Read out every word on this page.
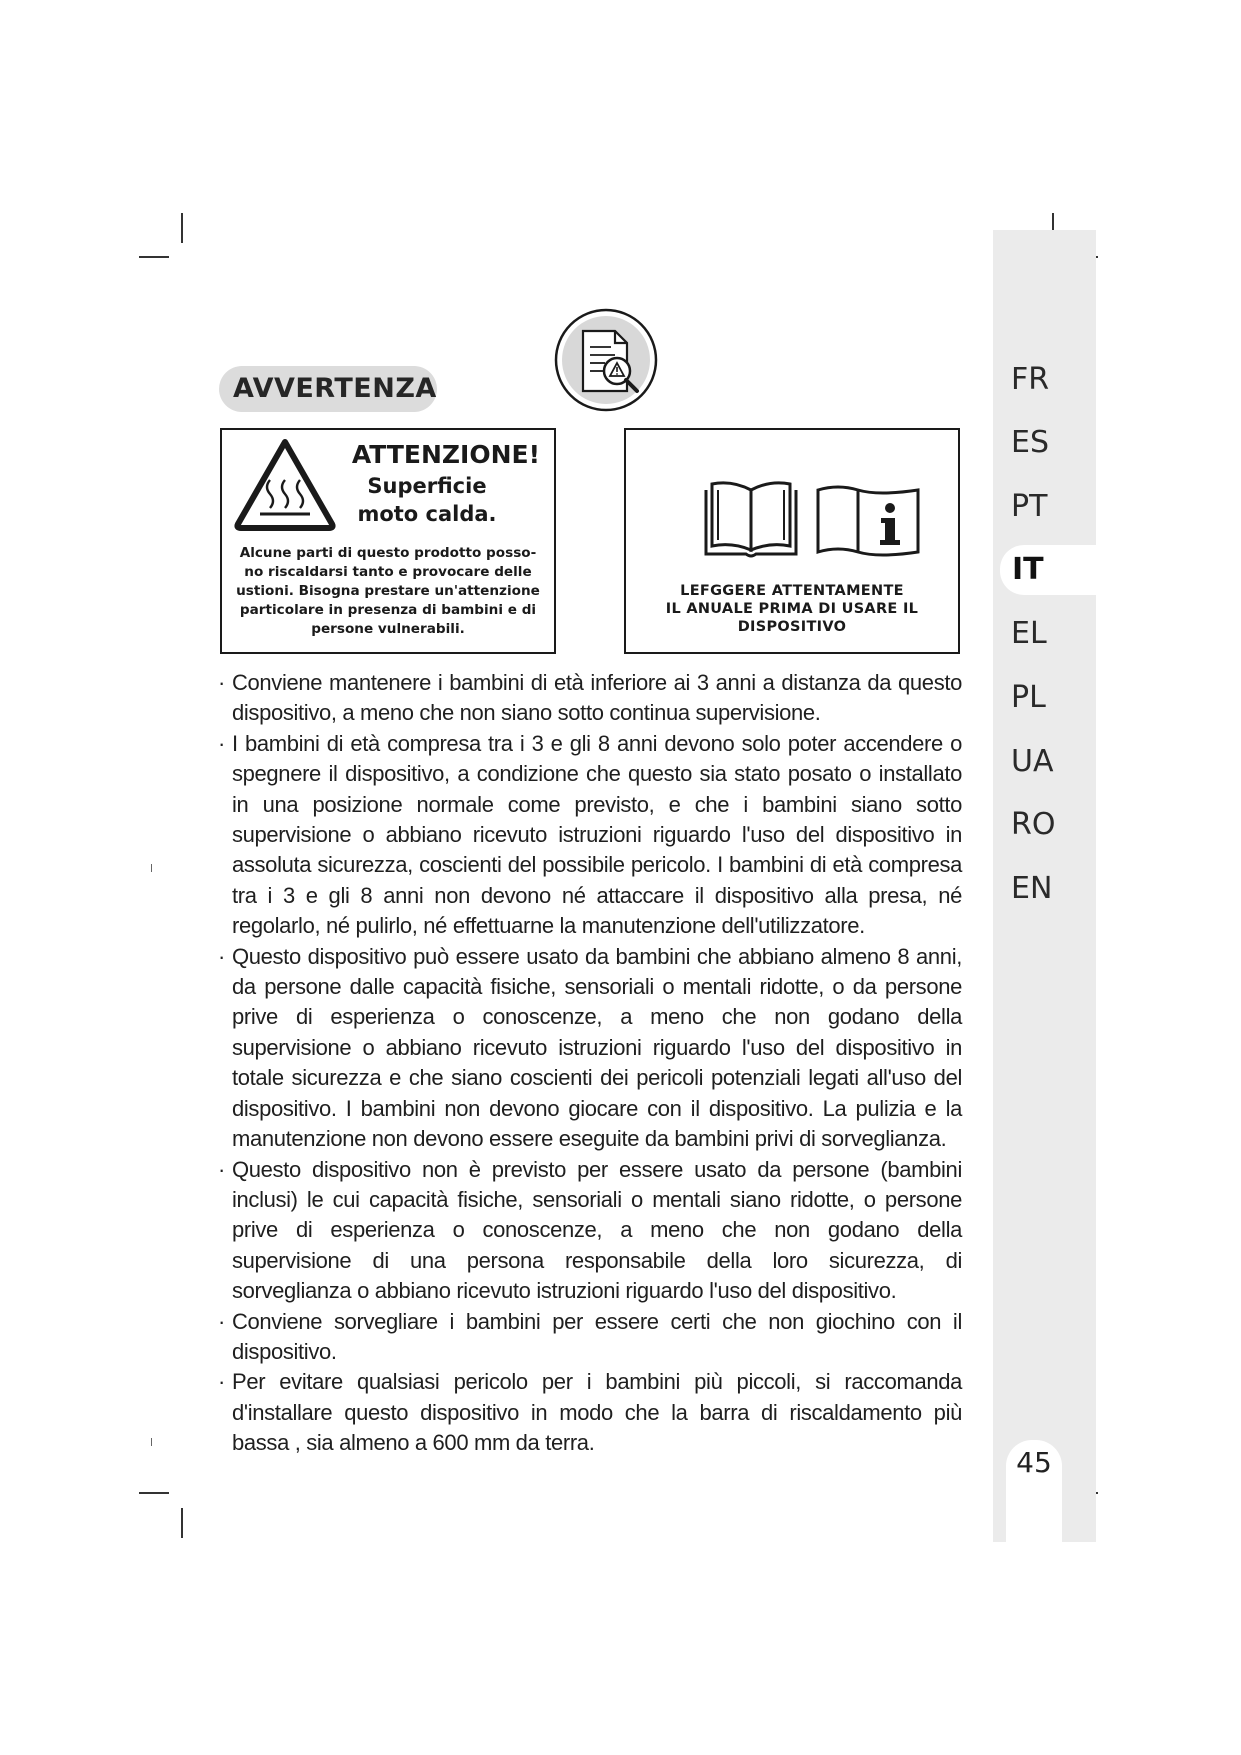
FR
ES
PT
IT
EL
PL
UA
RO
EN
45
AVVERTENZA
ATTENZIONE!
Superficie
moto calda.
Alcune parti di questo prodotto posso-
no riscaldarsi tanto e provocare delle
ustioni. Bisogna prestare un'attenzione
particolare in presenza di bambini e di
persone vulnerabili.
LEFGGERE ATTENTAMENTE
IL ANUALE PRIMA DI USARE IL
DISPOSITIVO
· Conviene mantenere i bambini di età inferiore ai 3 anni a distanza da questo dispositivo, a meno che non siano sotto continua supervisione.
· I bambini di età compresa tra i 3 e gli 8 anni devono solo poter accendere o spegnere il dispositivo, a condizione che questo sia stato posato o installato in una posizione normale come previsto, e che i bambini siano sotto supervisione o abbiano ricevuto istruzioni riguardo l'uso del dispositivo in assoluta sicurezza, coscienti del possibile pericolo. I bambini di età compresa tra i 3 e gli 8 anni non devono né attaccare il dispositivo alla presa, né regolarlo, né pulirlo, né effettuarne la manutenzione dell'utilizzatore.
· Questo dispositivo può essere usato da bambini che abbiano almeno 8 anni, da persone dalle capacità fisiche, sensoriali o mentali ridotte, o da persone prive di esperienza o conoscenze, a meno che non godano della supervisione o abbiano ricevuto istruzioni riguardo l'uso del dispositivo in totale sicurezza e che siano coscienti dei pericoli potenziali legati all'uso del dispositivo. I bambini non devono giocare con il dispositivo. La pulizia e la manutenzione non devono essere eseguite da bambini privi di sorveglianza.
· Questo dispositivo non è previsto per essere usato da persone (bambini inclusi) le cui capacità fisiche, sensoriali o mentali siano ridotte, o persone prive di esperienza o conoscenze, a meno che non godano della supervisione di una persona responsabile della loro sicurezza, di sorveglianza o abbiano ricevuto istruzioni riguardo l'uso del dispositivo.
· Conviene sorvegliare i bambini per essere certi che non giochino con il dispositivo.
· Per evitare qualsiasi pericolo per i bambini più piccoli, si raccomanda d'installare questo dispositivo in modo che la barra di riscaldamento più bassa , sia almeno a 600 mm da terra.
